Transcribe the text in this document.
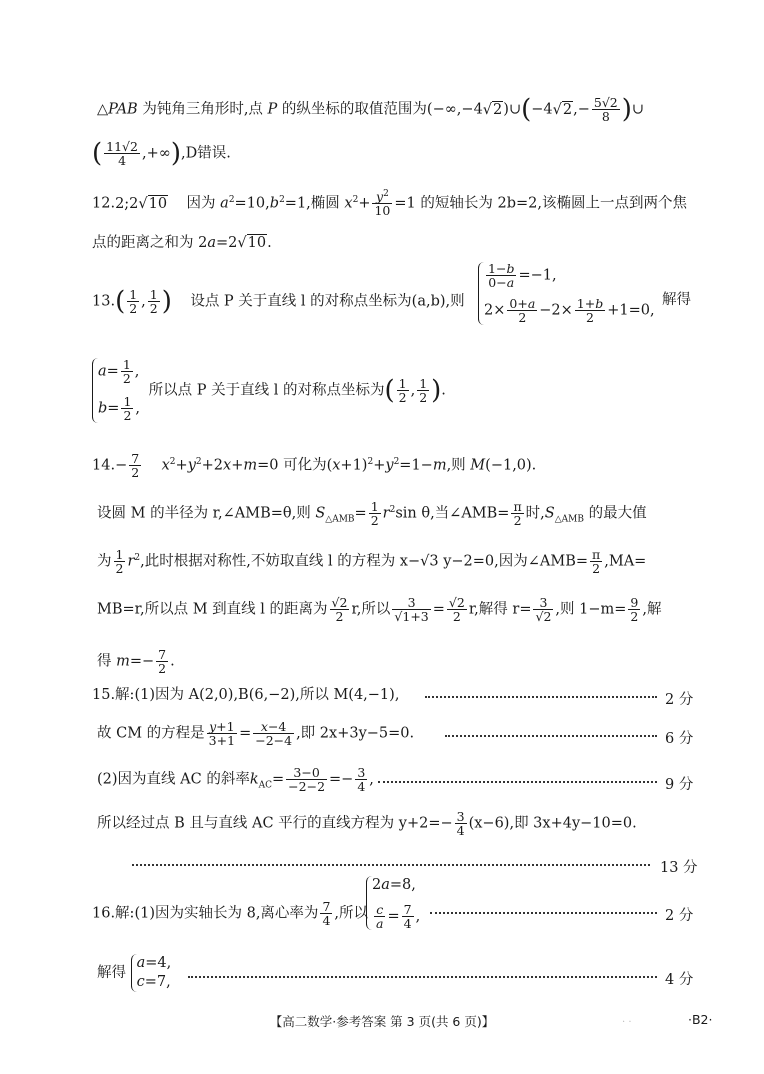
△PAB 为钝角三角形时,点 P 的纵坐标的取值范围为(−∞,−4√2)∪(−4√2,− $\frac{5√2}{8}$ )∪
( $\frac{11√2}{4} ,+\infty),D$错误.
12.2;2√10    因为 $a^2=10,b^2=1$,椭圆 $x^2+ \frac{y^2}{10} =1$ 的短轴长为 2b=2,该椭圆上一点到两个焦
点的距离之和为 2a=2√10.
$13.( \frac{1}{2}$ , $\frac{1}{2}$ ) 设点 P 关于直线 l 的对称点坐标为(a,b),则
$\frac{1-b}{0-a} =-1$,
$2\times \frac{0+a}{2} -2\times \frac{1+b}{2} +1=0$,
解得
$a= \frac{1}{2}$ ,
$b= \frac{1}{2}$ ,
所以点 P 关于直线 l 的对称点坐标为( $\frac{1}{2}$ , $\frac{1}{2}$ ).
$14.- \frac{7}{2} x^2+y^2+2x+m=0$ 可化为$(x+1)^2+y^2=1-m$,则 M(−1,0).
设圆 M 的半径为 r,∠AMB=θ,则 $S_{\triangle AMB}= \frac{1}{2} r^2\sin$ θ,当∠AMB= $\frac{\pi}{2}$ 时$,S_{\triangle AMB}$ 的最大值
为 $\frac{1}{2} r^2$,此时根据对称性,不妨取直线 l 的方程为 x−√3 y−2=0,因为∠AMB= $\frac{\pi}{2} ,MA=$
MB=r,所以点 M 到直线 l 的距离为 $\frac{√2}{2} r$,所以 $\frac{3}{√1+3} = \frac{√2}{2} r$,解得 $r= \frac{3}{√2}$ ,则 $1-m= \frac{9}{2}$ ,解
得 $m=- \frac{7}{2}$ .
15.解:(1)因为 A(2,0),B(6,−2),所以 M(4,−1),	2 分
故 CM 的方程是 $\frac{y+1}{3+1} = \frac{x-4}{-2-4}$ ,即 2x+3y−5=0.	6 分
(2)因为直线 AC 的斜率$k_{AC}= \frac{3-0}{-2-2} =- \frac{3}{4}$ ,	9 分
所以经过点 B 且与直线 AC 平行的直线方程为 $y+2=- \frac{3}{4} (x-6)$,即 3x+4y−10=0.
13 分
16.解:(1)因为实轴长为 8,离心率为 $\frac{7}{4}$ ,所以
2a=8,
$\frac{c}{a} = \frac{7}{4}$ ,	2 分
解得
a=4,
c=7,	4 分
【高二数学·参考答案 第 3 页(共 6 页)】	. .	·B2·
